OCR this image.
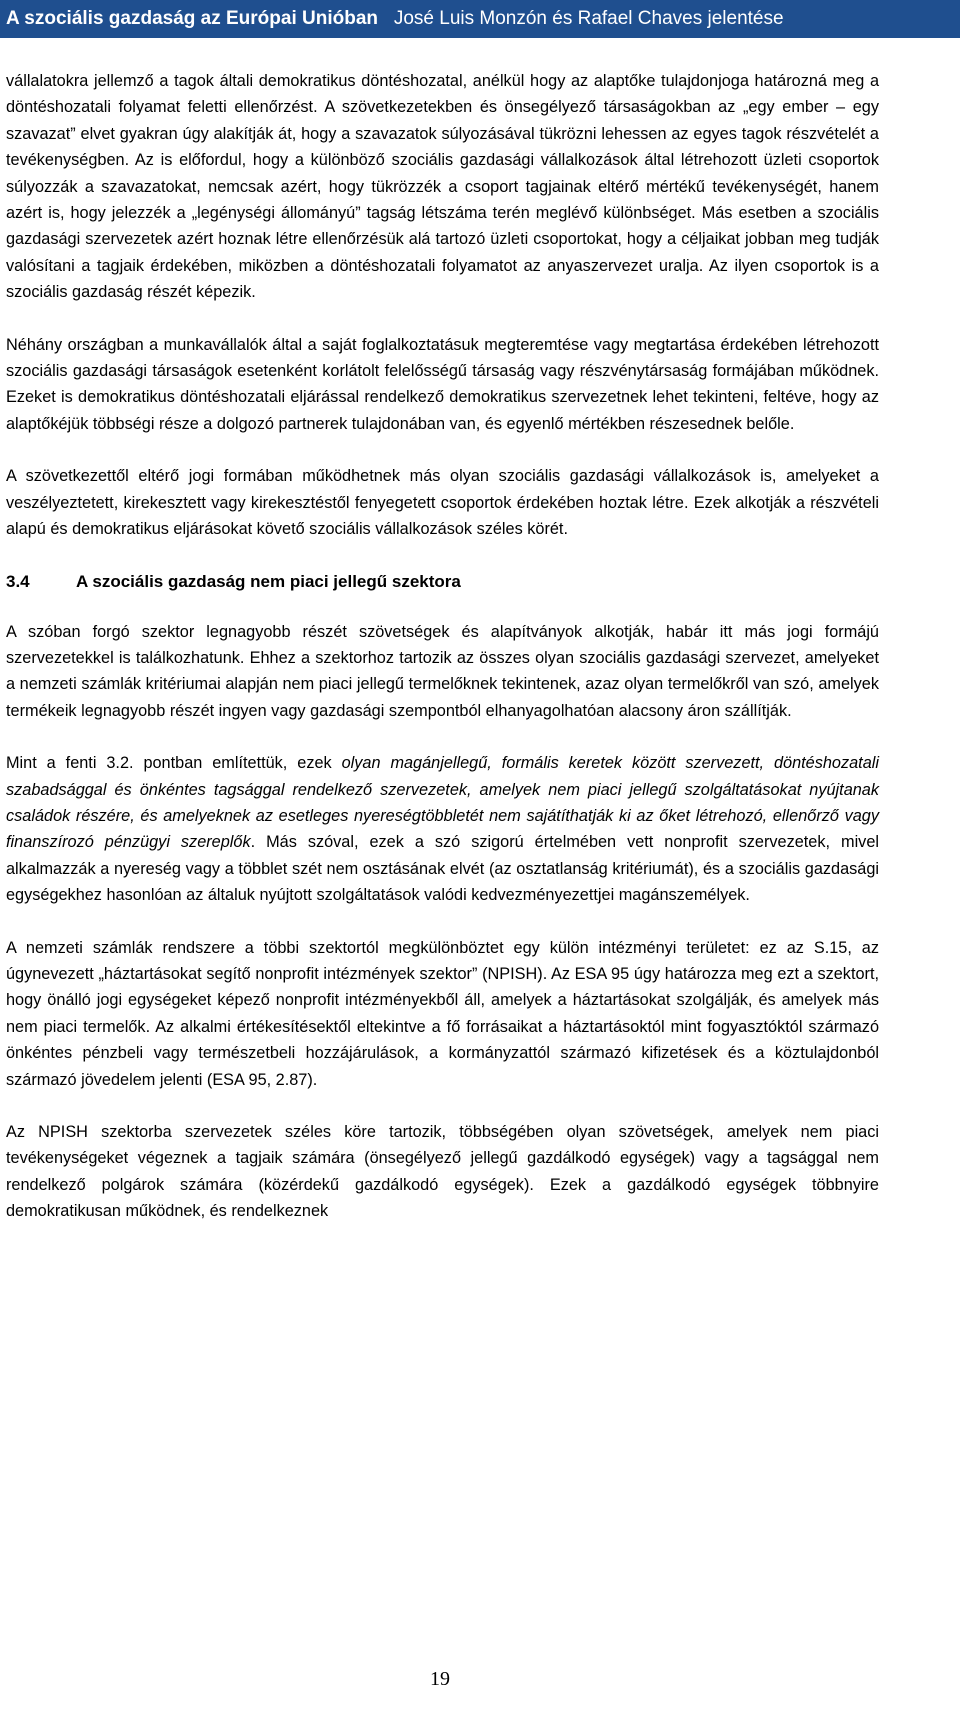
A szociális gazdaság az Európai Unióban José Luis Monzón és Rafael Chaves jelentése

vállalatokra jellemző a tagok általi demokratikus döntéshozatal, anélkül hogy az alaptőke tulajdonjoga határozná meg a döntéshozatali folyamat feletti ellenőrzést. A szövetkezetekben és önsegélyező társaságokban az „egy ember – egy szavazat” elvet gyakran úgy alakítják át, hogy a szavazatok súlyozásával tükrözni lehessen az egyes tagok részvételét a tevékenységben. Az is előfordul, hogy a különböző szociális gazdasági vállalkozások által létrehozott üzleti csoportok súlyozzák a szavazatokat, nemcsak azért, hogy tükrözzék a csoport tagjainak eltérő mértékű tevékenységét, hanem azért is, hogy jelezzék a „legénységi állományú” tagság létszáma terén meglévő különbséget. Más esetben a szociális gazdasági szervezetek azért hoznak létre ellenőrzésük alá tartozó üzleti csoportokat, hogy a céljaikat jobban meg tudják valósítani a tagjaik érdekében, miközben a döntéshozatali folyamatot az anyaszervezet uralja. Az ilyen csoportok is a szociális gazdaság részét képezik.

Néhány országban a munkavállalók által a saját foglalkoztatásuk megteremtése vagy megtartása érdekében létrehozott szociális gazdasági társaságok esetenként korlátolt felelősségű társaság vagy részvénytársaság formájában működnek. Ezeket is demokratikus döntéshozatali eljárással rendelkező demokratikus szervezetnek lehet tekinteni, feltéve, hogy az alaptőkéjük többségi része a dolgozó partnerek tulajdonában van, és egyenlő mértékben részesednek belőle.

A szövetkezettől eltérő jogi formában működhetnek más olyan szociális gazdasági vállalkozások is, amelyeket a veszélyeztetett, kirekesztett vagy kirekesztéstől fenyegetett csoportok érdekében hoztak létre. Ezek alkotják a részvételi alapú és demokratikus eljárásokat követő szociális vállalkozások széles körét.

3.4	A szociális gazdaság nem piaci jellegű szektora

A szóban forgó szektor legnagyobb részét szövetségek és alapítványok alkotják, habár itt más jogi formájú szervezetekkel is találkozhatunk. Ehhez a szektorhoz tartozik az összes olyan szociális gazdasági szervezet, amelyeket a nemzeti számlák kritériumai alapján nem piaci jellegű termelőknek tekintenek, azaz olyan termelőkről van szó, amelyek termékeik legnagyobb részét ingyen vagy gazdasági szempontból elhanyagolhatóan alacsony áron szállítják.

Mint a fenti 3.2. pontban említettük, ezek olyan magánjellegű, formális keretek között szervezett, döntéshozatali szabadsággal és önkéntes tagsággal rendelkező szervezetek, amelyek nem piaci jellegű szolgáltatásokat nyújtanak családok részére, és amelyeknek az esetleges nyereségtöbbletét nem sajátíthatják ki az őket létrehozó, ellenőrző vagy finanszírozó pénzügyi szereplők. Más szóval, ezek a szó szigorú értelmében vett nonprofit szervezetek, mivel alkalmazzák a nyereség vagy a többlet szét nem osztásának elvét (az osztatlanság kritériumát), és a szociális gazdasági egységekhez hasonlóan az általuk nyújtott szolgáltatások valódi kedvezményezettjei magánszemélyek.

A nemzeti számlák rendszere a többi szektortól megkülönböztet egy külön intézményi területet: ez az S.15, az úgynevezett „háztartásokat segítő nonprofit intézmények szektor” (NPISH). Az ESA 95 úgy határozza meg ezt a szektort, hogy önálló jogi egységeket képező nonprofit intézményekből áll, amelyek a háztartásokat szolgálják, és amelyek más nem piaci termelők. Az alkalmi értékesítésektől eltekintve a fő forrásaikat a háztartásoktól mint fogyasztóktól származó önkéntes pénzbeli vagy természetbeli hozzájárulások, a kormányzattól származó kifizetések és a köztulajdonból származó jövedelem jelenti (ESA 95, 2.87).

Az NPISH szektorba szervezetek széles köre tartozik, többségében olyan szövetségek, amelyek nem piaci tevékenységeket végeznek a tagjaik számára (önsegélyező jellegű gazdálkodó egységek) vagy a tagsággal nem rendelkező polgárok számára (közérdekű gazdálkodó egységek). Ezek a gazdálkodó egységek többnyire demokratikusan működnek, és rendelkeznek

19
